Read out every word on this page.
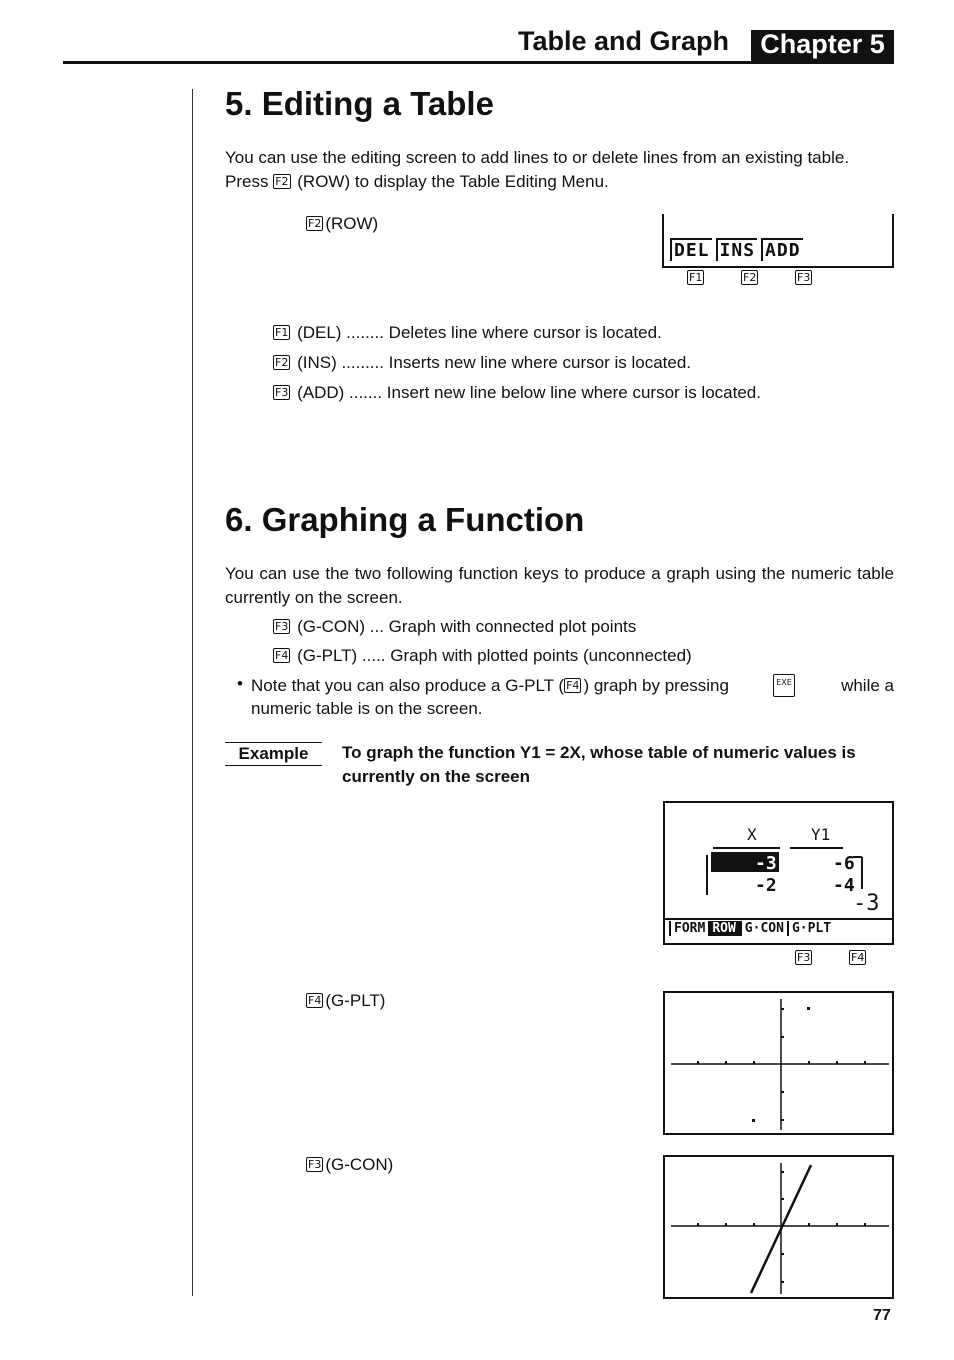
Table and Graph	Chapter 5
5. Editing a Table
You can use the editing screen to add lines to or delete lines from an existing table.
Press F2 (ROW) to display the Table Editing Menu.
F2 (ROW)
DEL INS ADD
F1	F2	F3
F1 (DEL) ........ Deletes line where cursor is located.
F2 (INS) ......... Inserts new line where cursor is located.
F3 (ADD) ....... Insert new line below line where cursor is located.
6. Graphing a Function
You can use the two following function keys to produce a graph using the numeric table currently on the screen.
F3 (G-CON) ... Graph with connected plot points
F4 (G-PLT) ..... Graph with plotted points (unconnected)
• Note that you can also produce a G-PLT ( F4 ) graph by pressing	EXE	while a
numeric table is on the screen.
Example	To graph the function Y1 = 2X, whose table of numeric values is currently on the screen
X	Y1
-3	-6
-2	-4
-3
FORM ROW G·CON G·PLT
F3	F4
F4 (G-PLT)
F3 (G-CON)
77
